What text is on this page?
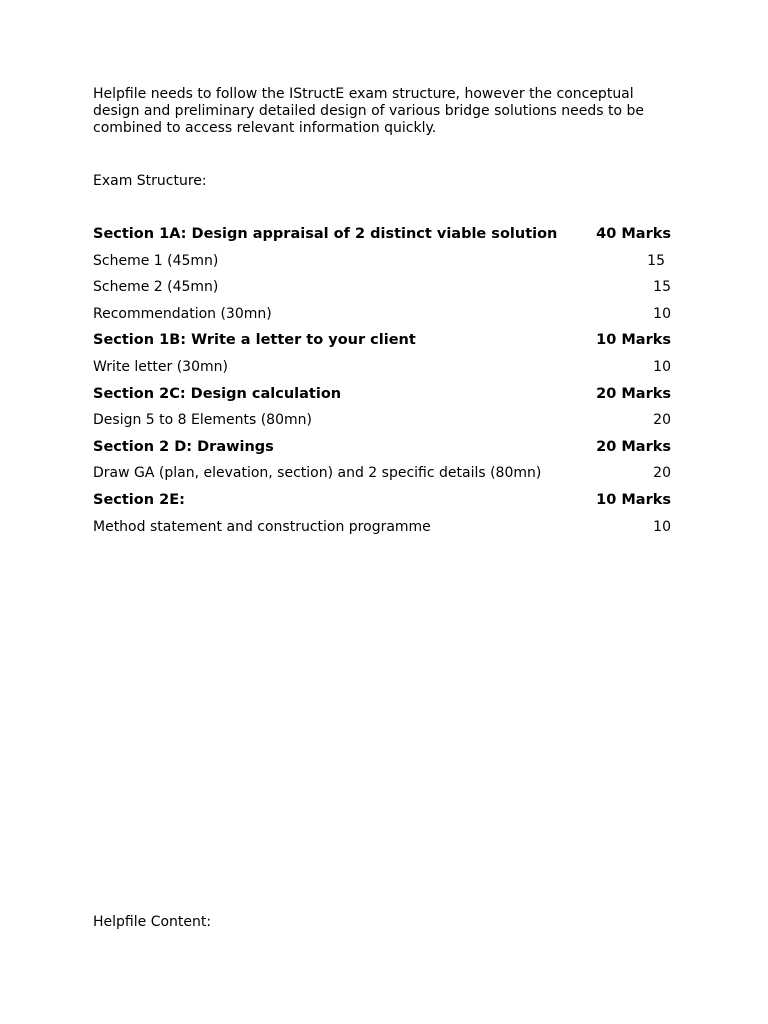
Helpfile needs to follow the IStructE exam structure, however the conceptual
design and preliminary detailed design of various bridge solutions needs to be
combined to access relevant information quickly.

Exam Structure:

Section 1A: Design appraisal of 2 distinct viable solution	40 Marks
Scheme 1 (45mn)	15
Scheme 2 (45mn)	15
Recommendation (30mn)	10
Section 1B: Write a letter to your client	10 Marks
Write letter (30mn)	10
Section 2C: Design calculation	20 Marks
Design 5 to 8 Elements (80mn)	20
Section 2 D: Drawings	20 Marks
Draw GA (plan, elevation, section) and 2 specific details (80mn)	20
Section 2E:	10 Marks
Method statement and construction programme	10

Helpfile Content:
